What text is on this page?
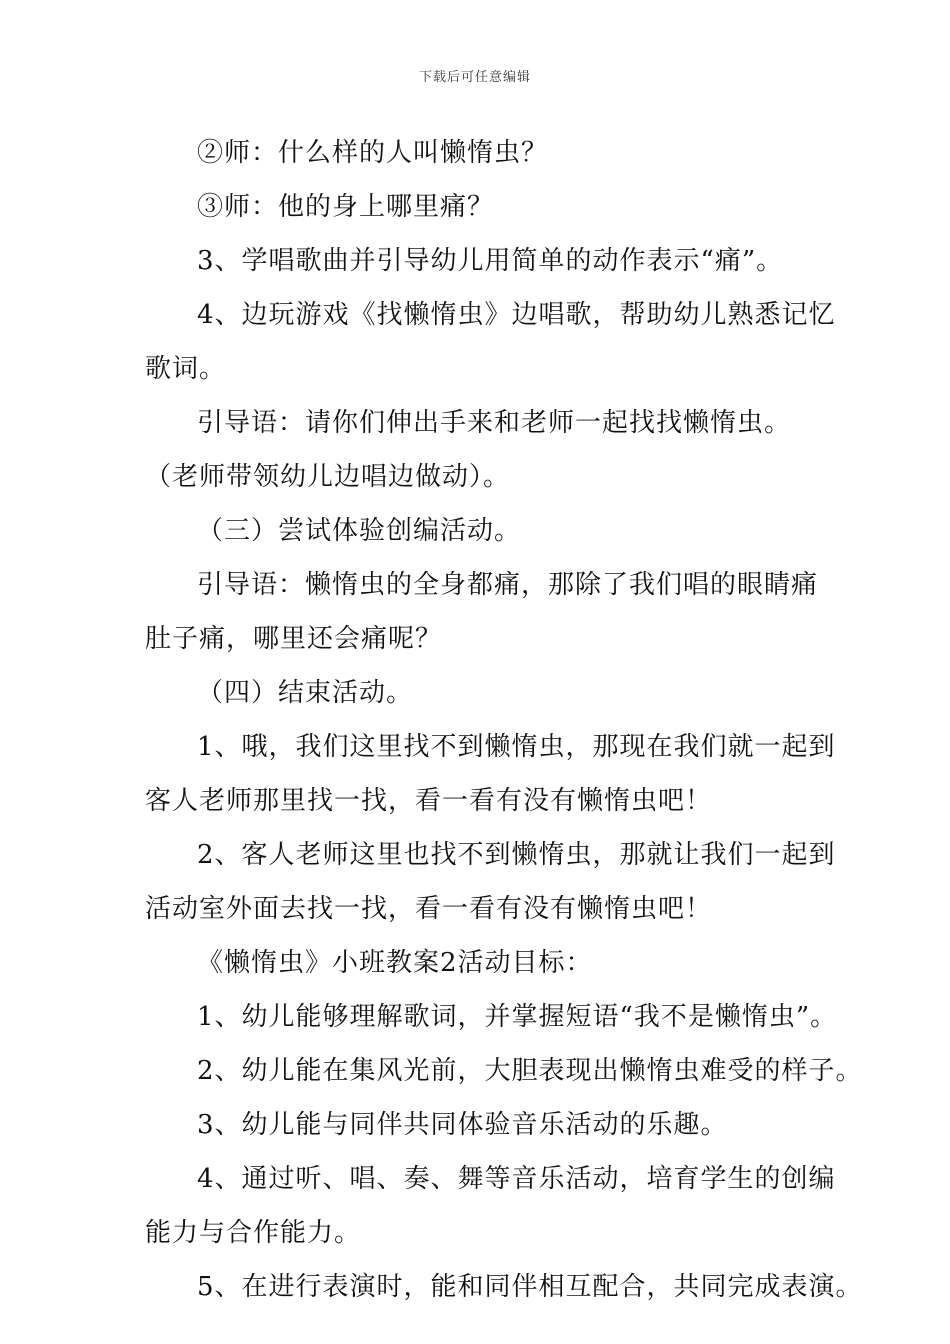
下载后可任意编辑
②师：什么样的人叫懒惰虫？
③师：他的身上哪里痛？
3、学唱歌曲并引导幼儿用简单的动作表示“痛”。
4、边玩游戏《找懒惰虫》边唱歌，帮助幼儿熟悉记忆
歌词。
引导语：请你们伸出手来和老师一起找找懒惰虫。
（老师带领幼儿边唱边做动）。
（三）尝试体验创编活动。
引导语：懒惰虫的全身都痛，那除了我们唱的眼睛痛
肚子痛，哪里还会痛呢？
（四）结束活动。
1、哦，我们这里找不到懒惰虫，那现在我们就一起到
客人老师那里找一找，看一看有没有懒惰虫吧！
2、客人老师这里也找不到懒惰虫，那就让我们一起到
活动室外面去找一找，看一看有没有懒惰虫吧！
《懒惰虫》小班教案2活动目标：
1、幼儿能够理解歌词，并掌握短语“我不是懒惰虫”。
2、幼儿能在集风光前，大胆表现出懒惰虫难受的样子。
3、幼儿能与同伴共同体验音乐活动的乐趣。
4、通过听、唱、奏、舞等音乐活动，培育学生的创编
能力与合作能力。
5、在进行表演时，能和同伴相互配合，共同完成表演。
